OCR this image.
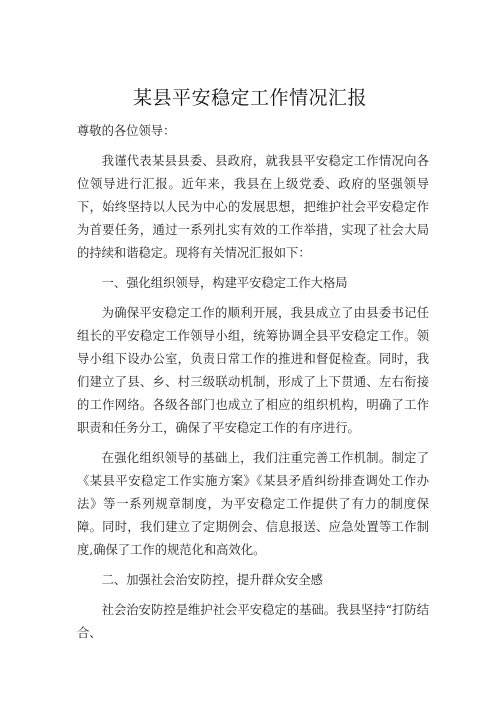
某县平安稳定工作情况汇报

尊敬的各位领导：

我谨代表某县县委、县政府，就我县平安稳定工作情况向各位领导进行汇报。近年来，我县在上级党委、政府的坚强领导下，始终坚持以人民为中心的发展思想，把维护社会平安稳定作为首要任务，通过一系列扎实有效的工作举措，实现了社会大局的持续和谐稳定。现将有关情况汇报如下：

一、强化组织领导，构建平安稳定工作大格局

为确保平安稳定工作的顺利开展，我县成立了由县委书记任组长的平安稳定工作领导小组，统筹协调全县平安稳定工作。领导小组下设办公室，负责日常工作的推进和督促检查。同时，我们建立了县、乡、村三级联动机制，形成了上下贯通、左右衔接的工作网络。各级各部门也成立了相应的组织机构，明确了工作职责和任务分工，确保了平安稳定工作的有序进行。

在强化组织领导的基础上，我们注重完善工作机制。制定了《某县平安稳定工作实施方案》《某县矛盾纠纷排查调处工作办法》等一系列规章制度，为平安稳定工作提供了有力的制度保障。同时，我们建立了定期例会、信息报送、应急处置等工作制度,确保了工作的规范化和高效化。

二、加强社会治安防控，提升群众安全感

社会治安防控是维护社会平安稳定的基础。我县坚持“打防结合、
